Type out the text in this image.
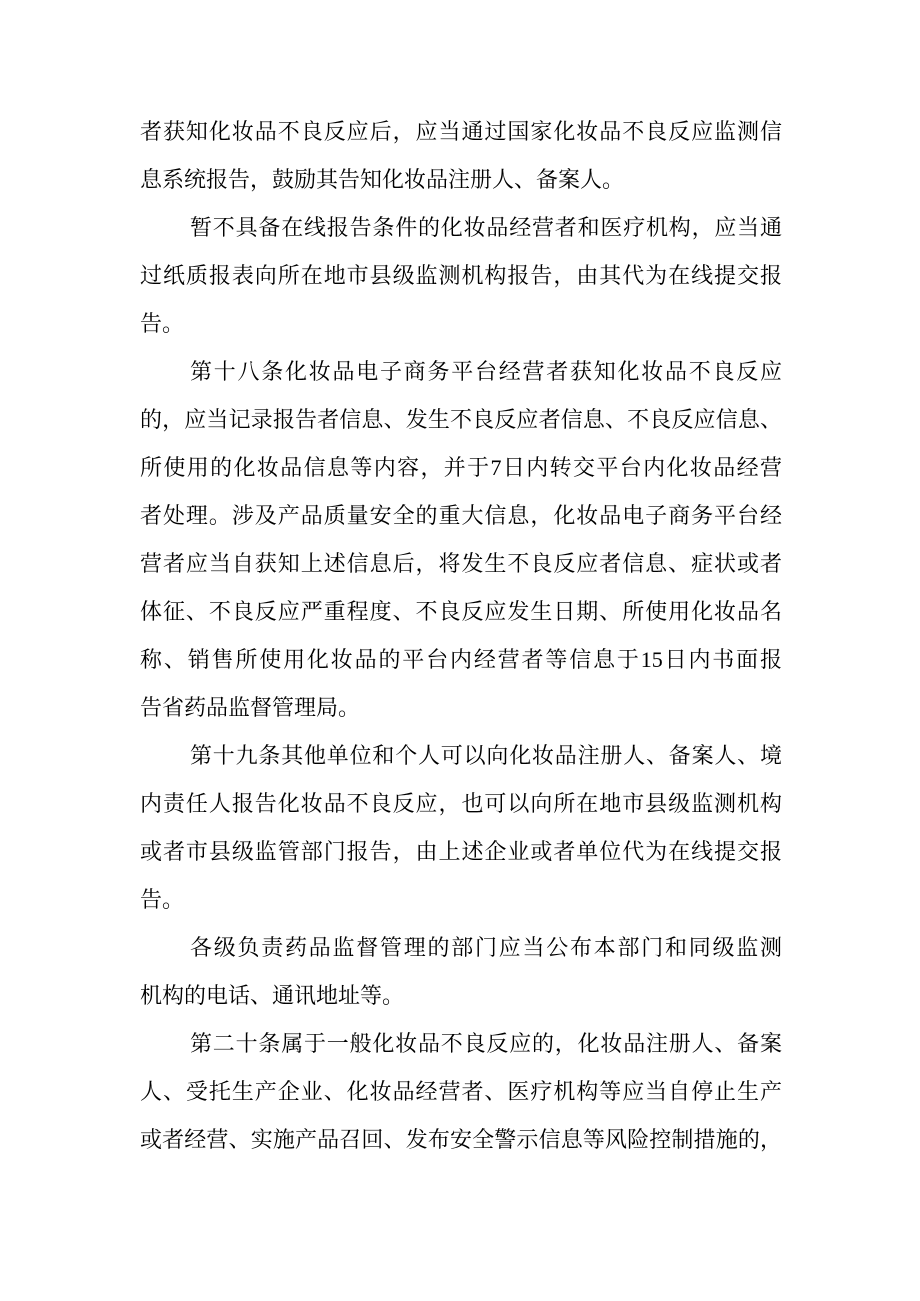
者获知化妆品不良反应后，应当通过国家化妆品不良反应监测信
息系统报告，鼓励其告知化妆品注册人、备案人。
暂不具备在线报告条件的化妆品经营者和医疗机构，应当通
过纸质报表向所在地市县级监测机构报告，由其代为在线提交报
告。
第十八条化妆品电子商务平台经营者获知化妆品不良反应
的，应当记录报告者信息、发生不良反应者信息、不良反应信息、
所使用的化妆品信息等内容，并于7日内转交平台内化妆品经营
者处理。涉及产品质量安全的重大信息，化妆品电子商务平台经
营者应当自获知上述信息后，将发生不良反应者信息、症状或者
体征、不良反应严重程度、不良反应发生日期、所使用化妆品名
称、销售所使用化妆品的平台内经营者等信息于15日内书面报
告省药品监督管理局。
第十九条其他单位和个人可以向化妆品注册人、备案人、境
内责任人报告化妆品不良反应，也可以向所在地市县级监测机构
或者市县级监管部门报告，由上述企业或者单位代为在线提交报
告。
各级负责药品监督管理的部门应当公布本部门和同级监测
机构的电话、通讯地址等。
第二十条属于一般化妆品不良反应的，化妆品注册人、备案
人、受托生产企业、化妆品经营者、医疗机构等应当自停止生产
或者经营、实施产品召回、发布安全警示信息等风险控制措施的，
